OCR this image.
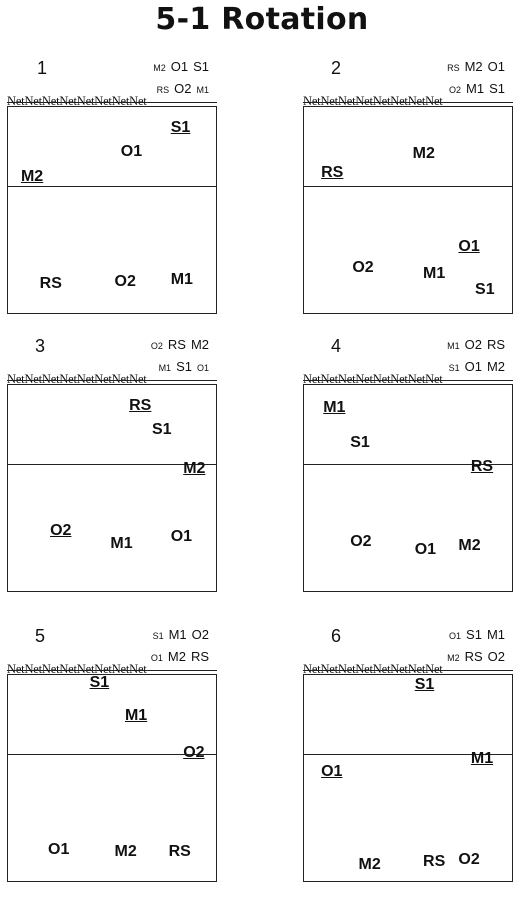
5-1 Rotation
1	M2 O1 S1
RS O2 M1
NetNetNetNetNetNetNetNet
S1
O1
M2
RS	O2 M1
2	RS M2 O1
O2 M1 S1
NetNetNetNetNetNetNetNet
M2
RS
O1
O2	M1
S1
3	O2 RS M2
M1 S1 O1
NetNetNetNetNetNetNetNet
RS
S1
M2
O2
M1 O1
4	M1 O2 RS
S1 O1 M2
NetNetNetNetNetNetNetNet
M1
S1
RS
O2	O1 M2
5	S1 M1 O2
O1 M2 RS
NetNetNetNetNetNetNetNet
S1
M1
O2
O1	M2 RS
6	O1 S1 M1
M2 RS O2
NetNetNetNetNetNetNetNet
S1
M1
O1
M2	RS O2
